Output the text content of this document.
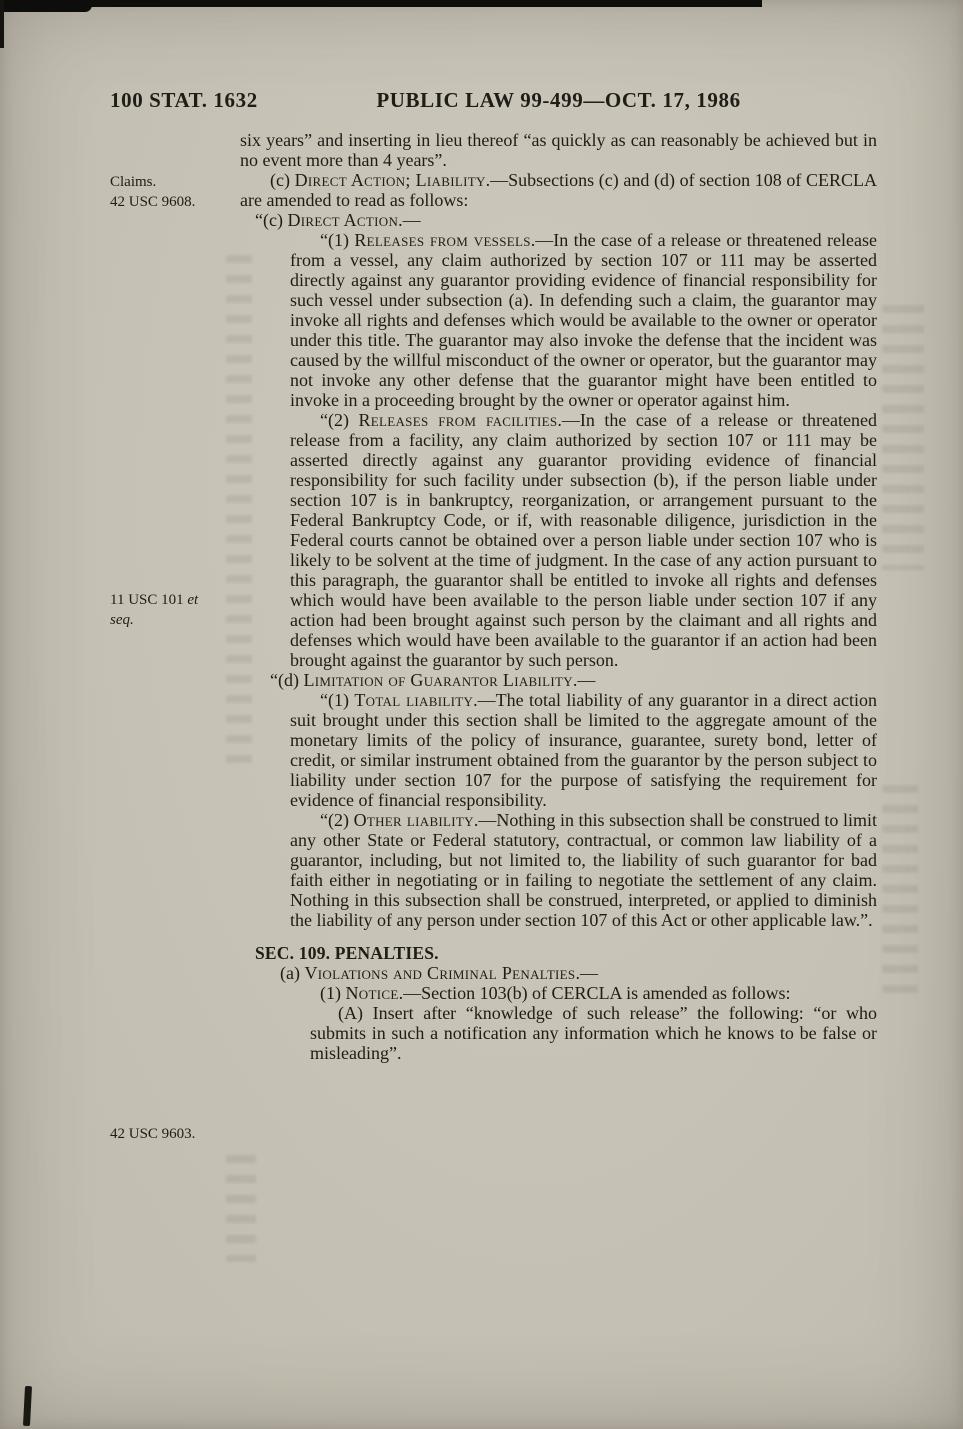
100 STAT. 1632	PUBLIC LAW 99-499—OCT. 17, 1986
Claims.
42 USC 9608.
11 USC 101 et
seq.
42 USC 9603.

six years” and inserting in lieu thereof “as quickly as can reasonably be achieved but in no event more than 4 years”.

(c) Direct Action; Liability.—Subsections (c) and (d) of section 108 of CERCLA are amended to read as follows:

“(c) Direct Action.—

“(1) Releases from vessels.—In the case of a release or threatened release from a vessel, any claim authorized by section 107 or 111 may be asserted directly against any guarantor providing evidence of financial responsibility for such vessel under subsection (a). In defending such a claim, the guarantor may invoke all rights and defenses which would be available to the owner or operator under this title. The guarantor may also invoke the defense that the incident was caused by the willful misconduct of the owner or operator, but the guarantor may not invoke any other defense that the guarantor might have been entitled to invoke in a proceeding brought by the owner or operator against him.

“(2) Releases from facilities.—In the case of a release or threatened release from a facility, any claim authorized by section 107 or 111 may be asserted directly against any guarantor providing evidence of financial responsibility for such facility under subsection (b), if the person liable under section 107 is in bankruptcy, reorganization, or arrangement pursuant to the Federal Bankruptcy Code, or if, with reasonable diligence, jurisdiction in the Federal courts cannot be obtained over a person liable under section 107 who is likely to be solvent at the time of judgment. In the case of any action pursuant to this paragraph, the guarantor shall be entitled to invoke all rights and defenses which would have been available to the person liable under section 107 if any action had been brought against such person by the claimant and all rights and defenses which would have been available to the guarantor if an action had been brought against the guarantor by such person.

“(d) Limitation of Guarantor Liability.—

“(1) Total liability.—The total liability of any guarantor in a direct action suit brought under this section shall be limited to the aggregate amount of the monetary limits of the policy of insurance, guarantee, surety bond, letter of credit, or similar instrument obtained from the guarantor by the person subject to liability under section 107 for the purpose of satisfying the requirement for evidence of financial responsibility.

“(2) Other liability.—Nothing in this subsection shall be construed to limit any other State or Federal statutory, contractual, or common law liability of a guarantor, including, but not limited to, the liability of such guarantor for bad faith either in negotiating or in failing to negotiate the settlement of any claim. Nothing in this subsection shall be construed, interpreted, or applied to diminish the liability of any person under section 107 of this Act or other applicable law.”.

SEC. 109. PENALTIES.

(a) Violations and Criminal Penalties.—

(1) Notice.—Section 103(b) of CERCLA is amended as follows:

(A) Insert after “knowledge of such release” the following: “or who submits in such a notification any information which he knows to be false or misleading”.
